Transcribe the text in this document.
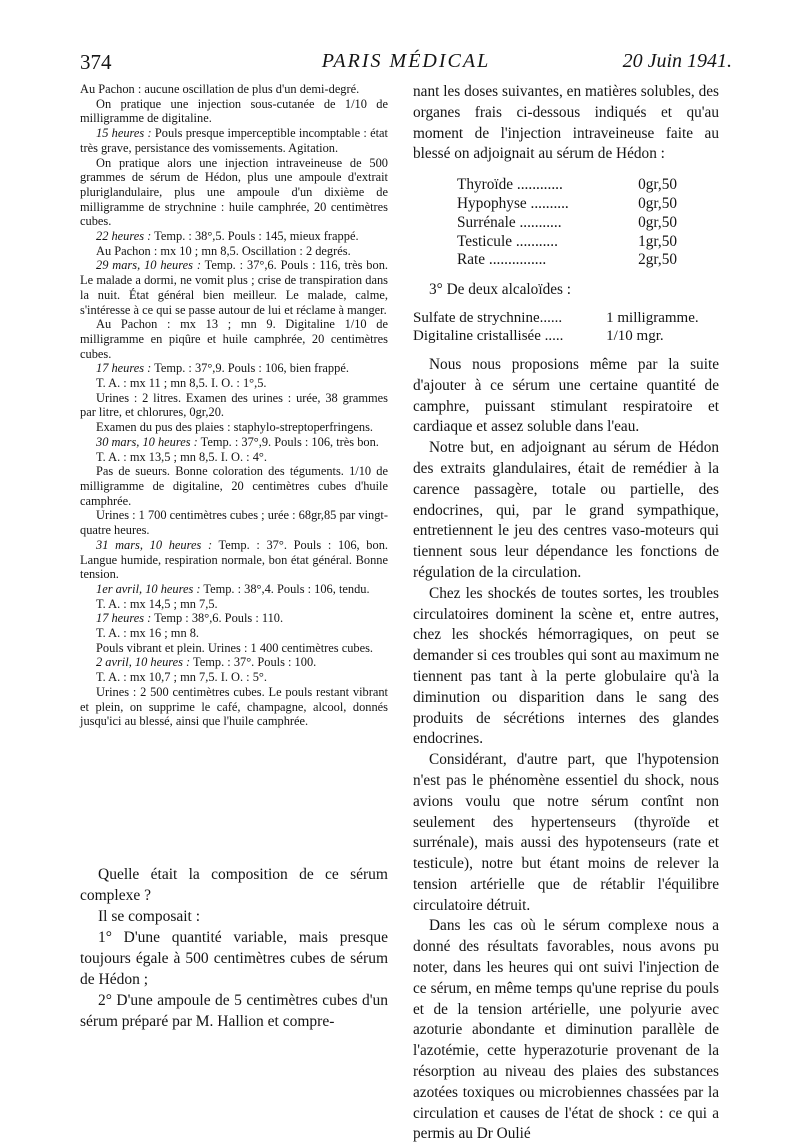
374	PARIS MÉDICAL	20 Juin 1941.

Au Pachon : aucune oscillation de plus d'un demi-degré.

On pratique une injection sous-cutanée de 1/10 de milligramme de digitaline.

15 heures : Pouls presque imperceptible incomptable : état très grave, persistance des vomissements. Agitation.

On pratique alors une injection intraveineuse de 500 grammes de sérum de Hédon, plus une ampoule d'extrait pluriglandulaire, plus une ampoule d'un dixième de milligramme de strychnine : huile camphrée, 20 centimètres cubes.

22 heures : Temp. : 38°,5. Pouls : 145, mieux frappé.

Au Pachon : mx 10 ; mn 8,5. Oscillation : 2 degrés.

29 mars, 10 heures : Temp. : 37°,6. Pouls : 116, très bon. Le malade a dormi, ne vomit plus ; crise de transpiration dans la nuit. État général bien meilleur. Le malade, calme, s'intéresse à ce qui se passe autour de lui et réclame à manger.

Au Pachon : mx 13 ; mn 9. Digitaline 1/10 de milligramme en piqûre et huile camphrée, 20 centimètres cubes.

17 heures : Temp. : 37°,9. Pouls : 106, bien frappé.

T. A. : mx 11 ; mn 8,5. I. O. : 1°,5.

Urines : 2 litres. Examen des urines : urée, 38 grammes par litre, et chlorures, 0gr,20.

Examen du pus des plaies : staphylo-streptoperfringens.

30 mars, 10 heures : Temp. : 37°,9. Pouls : 106, très bon.

T. A. : mx 13,5 ; mn 8,5. I. O. : 4°.

Pas de sueurs. Bonne coloration des téguments. 1/10 de milligramme de digitaline, 20 centimètres cubes d'huile camphrée.

Urines : 1 700 centimètres cubes ; urée : 68gr,85 par vingt-quatre heures.

31 mars, 10 heures : Temp. : 37°. Pouls : 106, bon. Langue humide, respiration normale, bon état général. Bonne tension.

1er avril, 10 heures : Temp. : 38°,4. Pouls : 106, tendu.

T. A. : mx 14,5 ; mn 7,5.

17 heures : Temp : 38°,6. Pouls : 110.

T. A. : mx 16 ; mn 8.

Pouls vibrant et plein. Urines : 1 400 centimètres cubes.

2 avril, 10 heures : Temp. : 37°. Pouls : 100.

T. A. : mx 10,7 ; mn 7,5. I. O. : 5°.

Urines : 2 500 centimètres cubes. Le pouls restant vibrant et plein, on supprime le café, champagne, alcool, donnés jusqu'ici au blessé, ainsi que l'huile camphrée.

Quelle était la composition de ce sérum complexe ?

Il se composait :

1° D'une quantité variable, mais presque toujours égale à 500 centimètres cubes de sérum de Hédon ;

2° D'une ampoule de 5 centimètres cubes d'un sérum préparé par M. Hallion et compre-

nant les doses suivantes, en matières solubles, des organes frais ci-dessous indiqués et qu'au moment de l'injection intraveineuse faite au blessé on adjoignait au sérum de Hédon :

Thyroïde ............	0gr,50
Hypophyse ..........	0gr,50
Surrénale ...........	0gr,50
Testicule ...........	1gr,50
Rate ...............	2gr,50

3° De deux alcaloïdes :

Sulfate de strychnine......	1 milligramme.
Digitaline cristallisée .....	1/10 mgr.

Nous nous proposions même par la suite d'ajouter à ce sérum une certaine quantité de camphre, puissant stimulant respiratoire et cardiaque et assez soluble dans l'eau.

Notre but, en adjoignant au sérum de Hédon des extraits glandulaires, était de remédier à la carence passagère, totale ou partielle, des endocrines, qui, par le grand sympathique, entretiennent le jeu des centres vaso-moteurs qui tiennent sous leur dépendance les fonctions de régulation de la circulation.

Chez les shockés de toutes sortes, les troubles circulatoires dominent la scène et, entre autres, chez les shockés hémorragiques, on peut se demander si ces troubles qui sont au maximum ne tiennent pas tant à la perte globulaire qu'à la diminution ou disparition dans le sang des produits de sécrétions internes des glandes endocrines.

Considérant, d'autre part, que l'hypotension n'est pas le phénomène essentiel du shock, nous avions voulu que notre sérum contînt non seulement des hypertenseurs (thyroïde et surrénale), mais aussi des hypotenseurs (rate et testicule), notre but étant moins de relever la tension artérielle que de rétablir l'équilibre circulatoire détruit.

Dans les cas où le sérum complexe nous a donné des résultats favorables, nous avons pu noter, dans les heures qui ont suivi l'injection de ce sérum, en même temps qu'une reprise du pouls et de la tension artérielle, une polyurie avec azoturie abondante et diminution parallèle de l'azotémie, cette hyperazoturie provenant de la résorption au niveau des plaies des substances azotées toxiques ou microbiennes chassées par la circulation et causes de l'état de shock : ce qui a permis au Dr Oulié
